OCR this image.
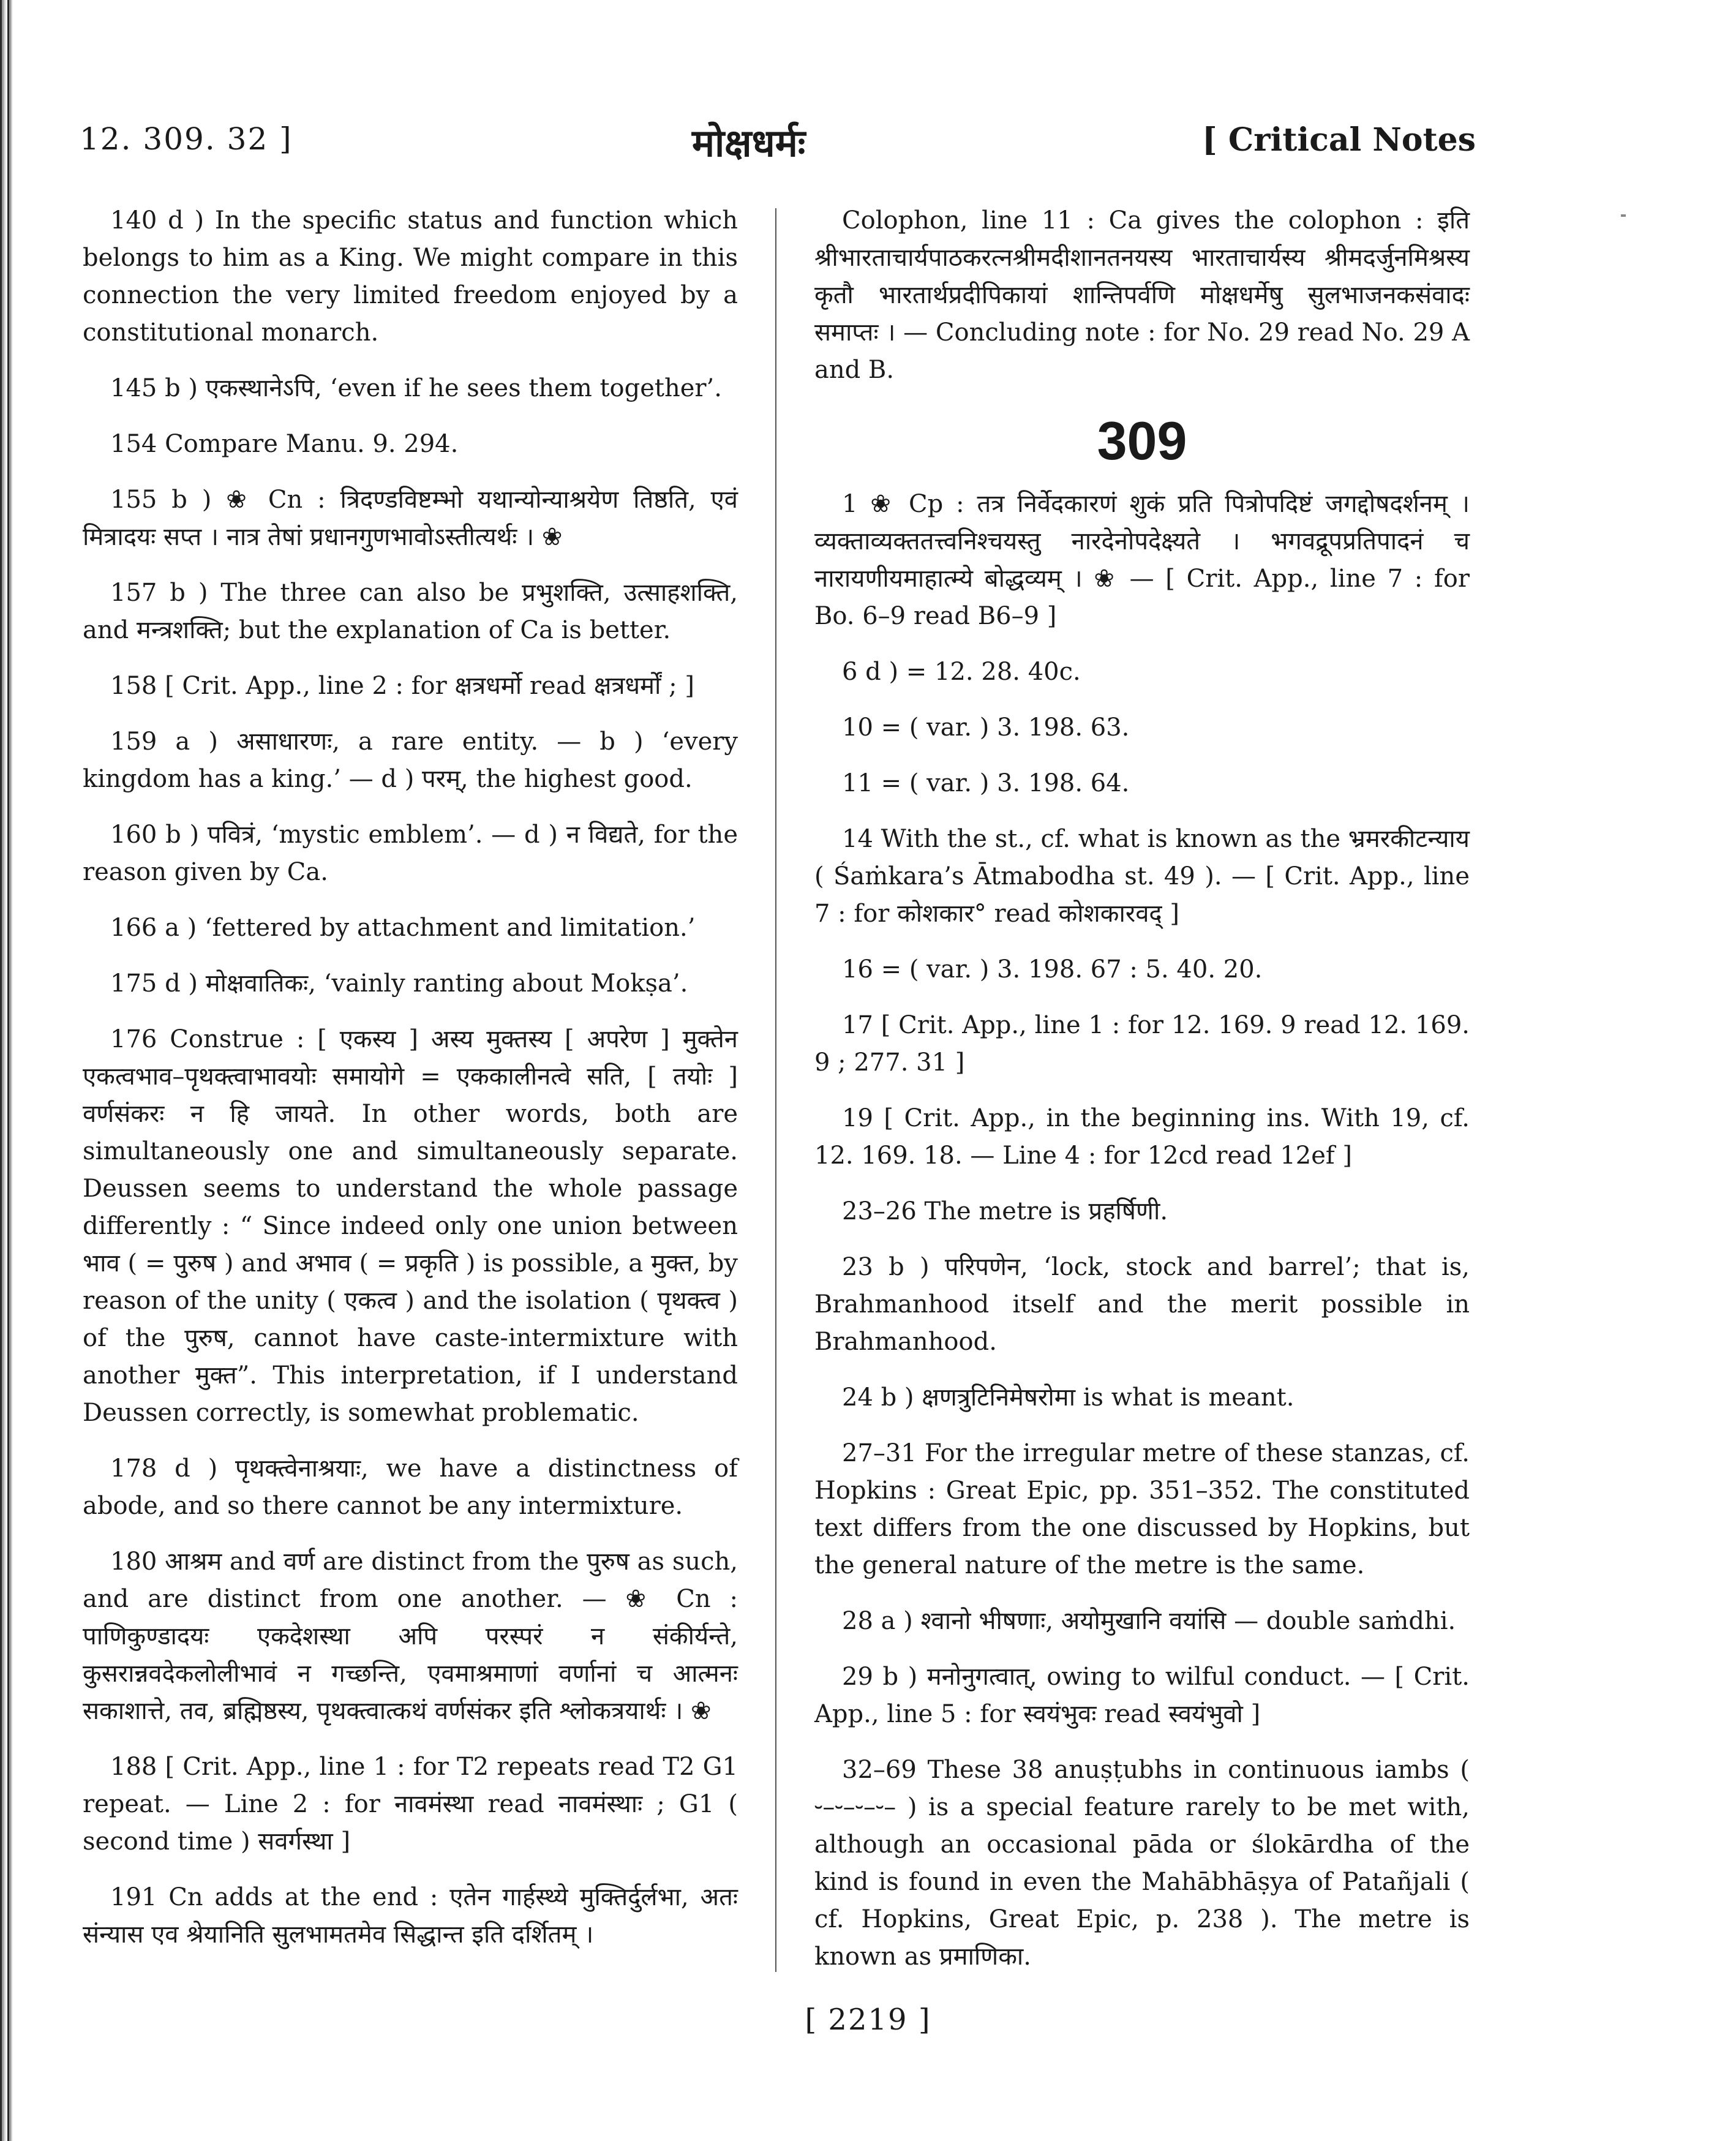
12. 309. 32 ]	मोक्षधर्मः	[ Critical Notes

140 d ) In the specific status and function which belongs to him as a King. We might compare in this connection the very limited freedom enjoyed by a constitutional monarch.

145 b ) एकस्थानेऽपि, ‘even if he sees them together’.

154 Compare Manu. 9. 294.

155 b ) ❀ Cn : त्रिदण्डविष्टम्भो यथान्योन्याश्रयेण तिष्ठति, एवं मित्रादयः सप्त । नात्र तेषां प्रधानगुणभावोऽस्तीत्यर्थः । ❀

157 b ) The three can also be प्रभुशक्ति, उत्साहशक्ति, and मन्त्रशक्ति; but the explanation of Ca is better.

158 [ Crit. App., line 2 : for क्षत्रधर्मो read क्षत्रधर्मों ; ]

159 a ) असाधारणः, a rare entity. — b ) ‘every kingdom has a king.’ — d ) परम्, the highest good.

160 b ) पवित्रं, ‘mystic emblem’. — d ) न विद्यते, for the reason given by Ca.

166 a ) ‘fettered by attachment and limitation.’

175 d ) मोक्षवातिकः, ‘vainly ranting about Mokṣa’.

176 Construe : [ एकस्य ] अस्य मुक्तस्य [ अपरेण ] मुक्तेन एकत्वभाव–पृथक्त्वाभावयोः समायोगे = एककालीनत्वे सति, [ तयोः ] वर्णसंकरः न हि जायते. In other words, both are simultaneously one and simultaneously separate. Deussen seems to understand the whole passage differently : “ Since indeed only one union between भाव ( = पुरुष ) and अभाव ( = प्रकृति ) is possible, a मुक्त, by reason of the unity ( एकत्व ) and the isolation ( पृथक्त्व ) of the पुरुष, cannot have caste-intermixture with another मुक्त”. This interpretation, if I understand Deussen correctly, is somewhat problematic.

178 d ) पृथक्त्वेनाश्रयाः, we have a distinctness of abode, and so there cannot be any intermixture.

180 आश्रम and वर्ण are distinct from the पुरुष as such, and are distinct from one another. — ❀ Cn : पाणिकुण्डादयः एकदेशस्था अपि परस्परं न संकीर्यन्ते, कुसरान्नवदेकलोलीभावं न गच्छन्ति, एवमाश्रमाणां वर्णानां च आत्मनः सकाशात्ते, तव, ब्रह्मिष्ठस्य, पृथक्त्वात्कथं वर्णसंकर इति श्लोकत्रयार्थः । ❀

188 [ Crit. App., line 1 : for T2 repeats read T2 G1 repeat. — Line 2 : for नावमंस्था read नावमंस्थाः ; G1 ( second time ) सवर्गस्था ]

191 Cn adds at the end : एतेन गार्हस्थ्ये मुक्तिर्दुर्लभा, अतः संन्यास एव श्रेयानिति सुलभामतमेव सिद्धान्त इति दर्शितम् ।

Colophon, line 11 : Ca gives the colophon : इति श्रीभारताचार्यपाठकरत्नश्रीमदीशानतनयस्य भारताचार्यस्य श्रीमदर्जुनमिश्रस्य कृतौ भारतार्थप्रदीपिकायां शान्तिपर्वणि मोक्षधर्मेषु सुलभाजनकसंवादः समाप्तः । — Concluding note : for No. 29 read No. 29 A and B.

309

1 ❀ Cp : तत्र निर्वेदकारणं शुकं प्रति पित्रोपदिष्टं जगद्दोषदर्शनम् । व्यक्ताव्यक्ततत्त्वनिश्चयस्तु नारदेनोपदेक्ष्यते । भगवद्रूपप्रतिपादनं च नारायणीयमाहात्म्ये बोद्धव्यम् । ❀ — [ Crit. App., line 7 : for Bo. 6–9 read B6–9 ]

6 d ) = 12. 28. 40c.

10 = ( var. ) 3. 198. 63.

11 = ( var. ) 3. 198. 64.

14 With the st., cf. what is known as the भ्रमरकीटन्याय ( Śaṁkara’s Ātmabodha st. 49 ). — [ Crit. App., line 7 : for कोशकार° read कोशकारवद् ]

16 = ( var. ) 3. 198. 67 : 5. 40. 20.

17 [ Crit. App., line 1 : for 12. 169. 9 read 12. 169. 9 ; 277. 31 ]

19 [ Crit. App., in the beginning ins. With 19, cf. 12. 169. 18. — Line 4 : for 12cd read 12ef ]

23–26 The metre is प्रहर्षिणी.

23 b ) परिपणेन, ‘lock, stock and barrel’; that is, Brahmanhood itself and the merit possible in Brahmanhood.

24 b ) क्षणत्रुटिनिमेषरोमा is what is meant.

27–31 For the irregular metre of these stanzas, cf. Hopkins : Great Epic, pp. 351–352. The constituted text differs from the one discussed by Hopkins, but the general nature of the metre is the same.

28 a ) श्वानो भीषणाः, अयोमुखानि वयांसि — double saṁdhi.

29 b ) मनोनुगत्वात्, owing to wilful conduct. — [ Crit. App., line 5 : for स्वयंभुवः read स्वयंभुवो ]

32–69 These 38 anuṣṭubhs in continuous iambs ( ⏑–⏑–⏑–⏑– ) is a special feature rarely to be met with, although an occasional pāda or ślokārdha of the kind is found in even the Mahābhāṣya of Patañjali ( cf. Hopkins, Great Epic, p. 238 ). The metre is known as प्रमाणिका.

[ 2219 ]
